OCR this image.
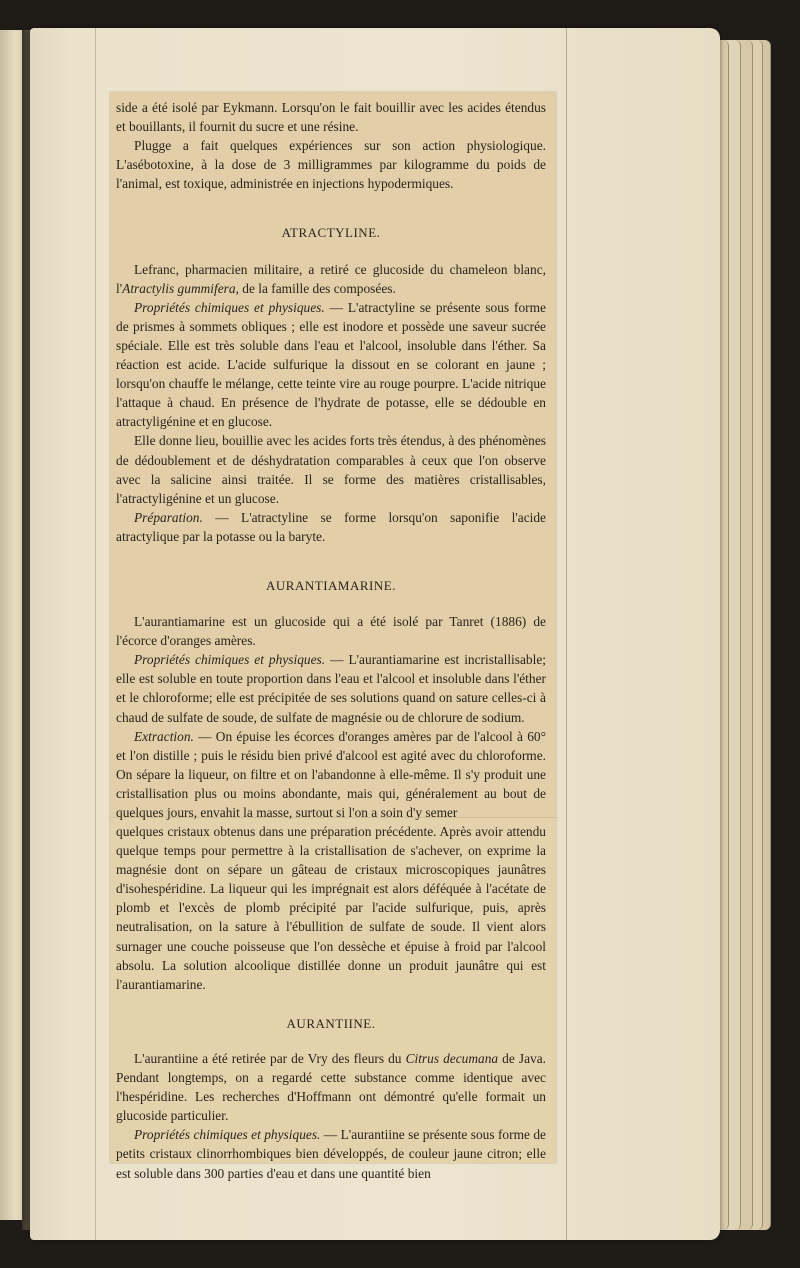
side a été isolé par Eykmann. Lorsqu'on le fait bouillir avec les acides étendus et bouillants, il fournit du sucre et une résine.

Plugge a fait quelques expériences sur son action physiologique. L'asébotoxine, à la dose de 3 milligrammes par kilogramme du poids de l'animal, est toxique, administrée en injections hypodermiques.

ATRACTYLINE.

Lefranc, pharmacien militaire, a retiré ce glucoside du chameleon blanc, l'Atractylis gummifera, de la famille des composées.

Propriétés chimiques et physiques. — L'atractyline se présente sous forme de prismes à sommets obliques ; elle est inodore et possède une saveur sucrée spéciale. Elle est très soluble dans l'eau et l'alcool, insoluble dans l'éther. Sa réaction est acide. L'acide sulfurique la dissout en se colorant en jaune ; lorsqu'on chauffe le mélange, cette teinte vire au rouge pourpre. L'acide nitrique l'attaque à chaud. En présence de l'hydrate de potasse, elle se dédouble en atractyligénine et en glucose.

Elle donne lieu, bouillie avec les acides forts très étendus, à des phénomènes de dédoublement et de déshydratation comparables à ceux que l'on observe avec la salicine ainsi traitée. Il se forme des matières cristallisables, l'atractyligénine et un glucose.

Préparation. — L'atractyline se forme lorsqu'on saponifie l'acide atractylique par la potasse ou la baryte.

AURANTIAMARINE.

L'aurantiamarine est un glucoside qui a été isolé par Tanret (1886) de l'écorce d'oranges amères.

Propriétés chimiques et physiques. — L'aurantiamarine est incristallisable; elle est soluble en toute proportion dans l'eau et l'alcool et insoluble dans l'éther et le chloroforme; elle est précipitée de ses solutions quand on sature celles-ci à chaud de sulfate de soude, de sulfate de magnésie ou de chlorure de sodium.

Extraction. — On épuise les écorces d'oranges amères par de l'alcool à 60° et l'on distille ; puis le résidu bien privé d'alcool est agité avec du chloroforme. On sépare la liqueur, on filtre et on l'abandonne à elle-même. Il s'y produit une cristallisation plus ou moins abondante, mais qui, généralement au bout de quelques jours, envahit la masse, surtout si l'on a soin d'y semer

quelques cristaux obtenus dans une préparation précédente. Après avoir attendu quelque temps pour permettre à la cristallisation de s'achever, on exprime la magnésie dont on sépare un gâteau de cristaux microscopiques jaunâtres d'isohespéridine. La liqueur qui les imprégnait est alors déféquée à l'acétate de plomb et l'excès de plomb précipité par l'acide sulfurique, puis, après neutralisation, on la sature à l'ébullition de sulfate de soude. Il vient alors surnager une couche poisseuse que l'on dessèche et épuise à froid par l'alcool absolu. La solution alcoolique distillée donne un produit jaunâtre qui est l'aurantiamarine.

AURANTIINE.

L'aurantiine a été retirée par de Vry des fleurs du Citrus decumana de Java. Pendant longtemps, on a regardé cette substance comme identique avec l'hespéridine. Les recherches d'Hoffmann ont démontré qu'elle formait un glucoside particulier.

Propriétés chimiques et physiques. — L'aurantiine se présente sous forme de petits cristaux clinorrhombiques bien développés, de couleur jaune citron; elle est soluble dans 300 parties d'eau et dans une quantité bien
